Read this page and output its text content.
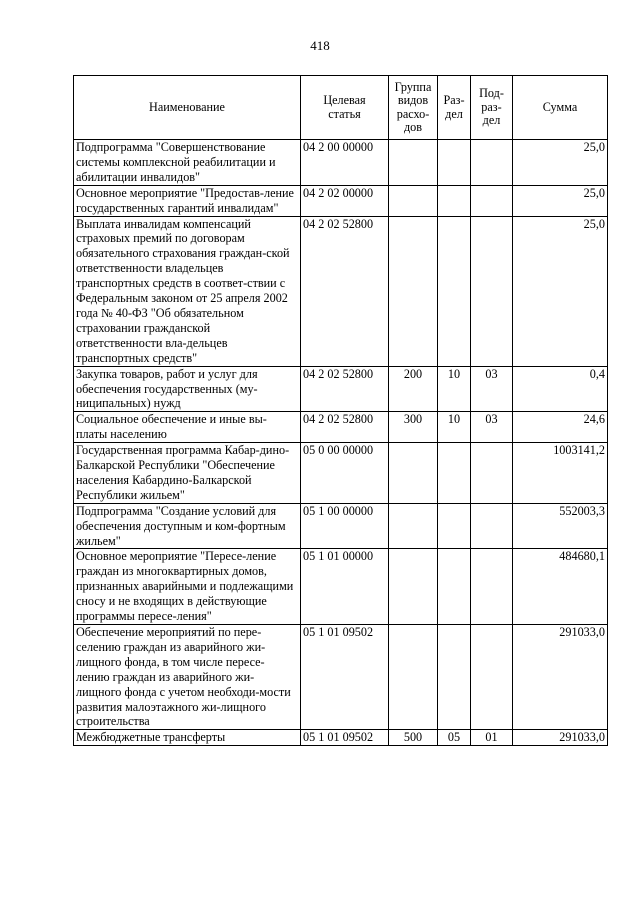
418
Наименование	Целевая статья	Группа видов расхо-дов	Раз-дел	Под-раз-дел	Сумма
Подпрограмма "Совершенствование системы комплексной реабилитации и абилитации инвалидов"	04 2 00 00000				25,0
Основное мероприятие "Предостав-ление государственных гарантий инвалидам"	04 2 02 00000				25,0
Выплата инвалидам компенсаций страховых премий по договорам обязательного страхования граждан-ской ответственности владельцев транспортных средств в соответ-ствии с Федеральным законом от 25 апреля 2002 года № 40-ФЗ "Об обязательном страховании гражданской ответственности вла-дельцев транспортных средств"	04 2 02 52800				25,0
Закупка товаров, работ и услуг для обеспечения государственных (му-ниципальных) нужд	04 2 02 52800	200	10	03	0,4
Социальное обеспечение и иные вы-платы населению	04 2 02 52800	300	10	03	24,6
Государственная программа Кабар-дино-Балкарской Республики "Обеспечение населения Кабардино-Балкарской Республики жильем"	05 0 00 00000				1003141,2
Подпрограмма "Создание условий для обеспечения доступным и ком-фортным жильем"	05 1 00 00000				552003,3
Основное мероприятие "Пересе-ление граждан из многоквартирных домов, признанных аварийными и подлежащими сносу и не входящих в действующие программы пересе-ления"	05 1 01 00000				484680,1
Обеспечение мероприятий по пере-селению граждан из аварийного жи-лищного фонда, в том числе пересе-лению граждан из аварийного жи-лищного фонда с учетом необходи-мости развития малоэтажного жи-лищного строительства	05 1 01 09502				291033,0
Межбюджетные трансферты	05 1 01 09502	500	05	01	291033,0
